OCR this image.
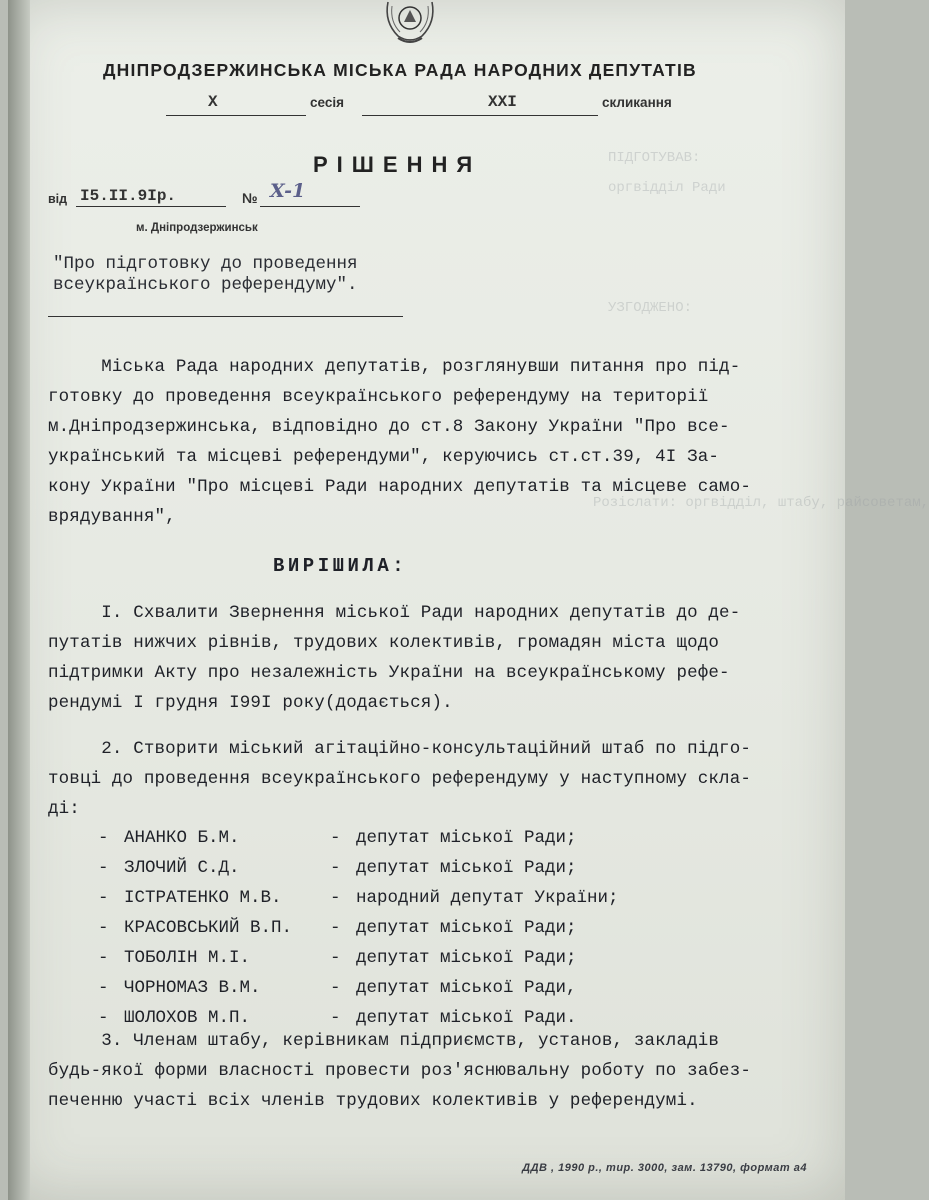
ПІДГОТУВАВ:
оргвідділ Ради
УЗГОДЖЕНО:
Розіслати: оргвідділ, штабу, райсоветам,
ДНІПРОДЗЕРЖИНСЬКА МІСЬКА РАДА НАРОДНИХ ДЕПУТАТІВ
Х	сесія	ХХІ	скликання
РІШЕННЯ
від І5.ІІ.9Ір.	№ X-1
м. Дніпродзержинськ
"Про підготовку до проведення
всеукраїнського референдуму".
Міська Рада народних депутатів, розглянувши питання про під-
готовку до проведення всеукраїнського референдуму на території
м.Дніпродзержинська, відповідно до ст.8 Закону України "Про все-
український та місцеві референдуми", керуючись ст.ст.39, 4І За-
кону України "Про місцеві Ради народних депутатів та місцеве само-
врядування",
ВИРІШИЛА:
І. Схвалити Звернення міської Ради народних депутатів до де-
путатів нижчих рівнів, трудових колективів, громадян міста щодо
підтримки Акту про незалежність України на всеукраїнському рефе-
рендумі І грудня І99І року(додається).
2. Створити міський агітаційно-консультаційний штаб по підго-
товці до проведення всеукраїнського референдуму у наступному скла-
ді:
- АНАНКО Б.М.	- депутат міської Ради;
- ЗЛОЧИЙ С.Д.	- депутат міської Ради;
- ІСТРАТЕНКО М.В.	- народний депутат України;
- КРАСОВСЬКИЙ В.П. - депутат міської Ради;
- ТОБОЛІН М.І.	- депутат міської Ради;
- ЧОРНОМАЗ В.М.	- депутат міської Ради,
- ШОЛОХОВ М.П.	- депутат міської Ради.
3. Членам штабу, керівникам підприємств, установ, закладів
будь-якої форми власності провести роз'яснювальну роботу по забез-
печенню участі всіх членів трудових колективів у референдумі.
ДДВ , 1990 р., тир. 3000, зам. 13790, формат а4
